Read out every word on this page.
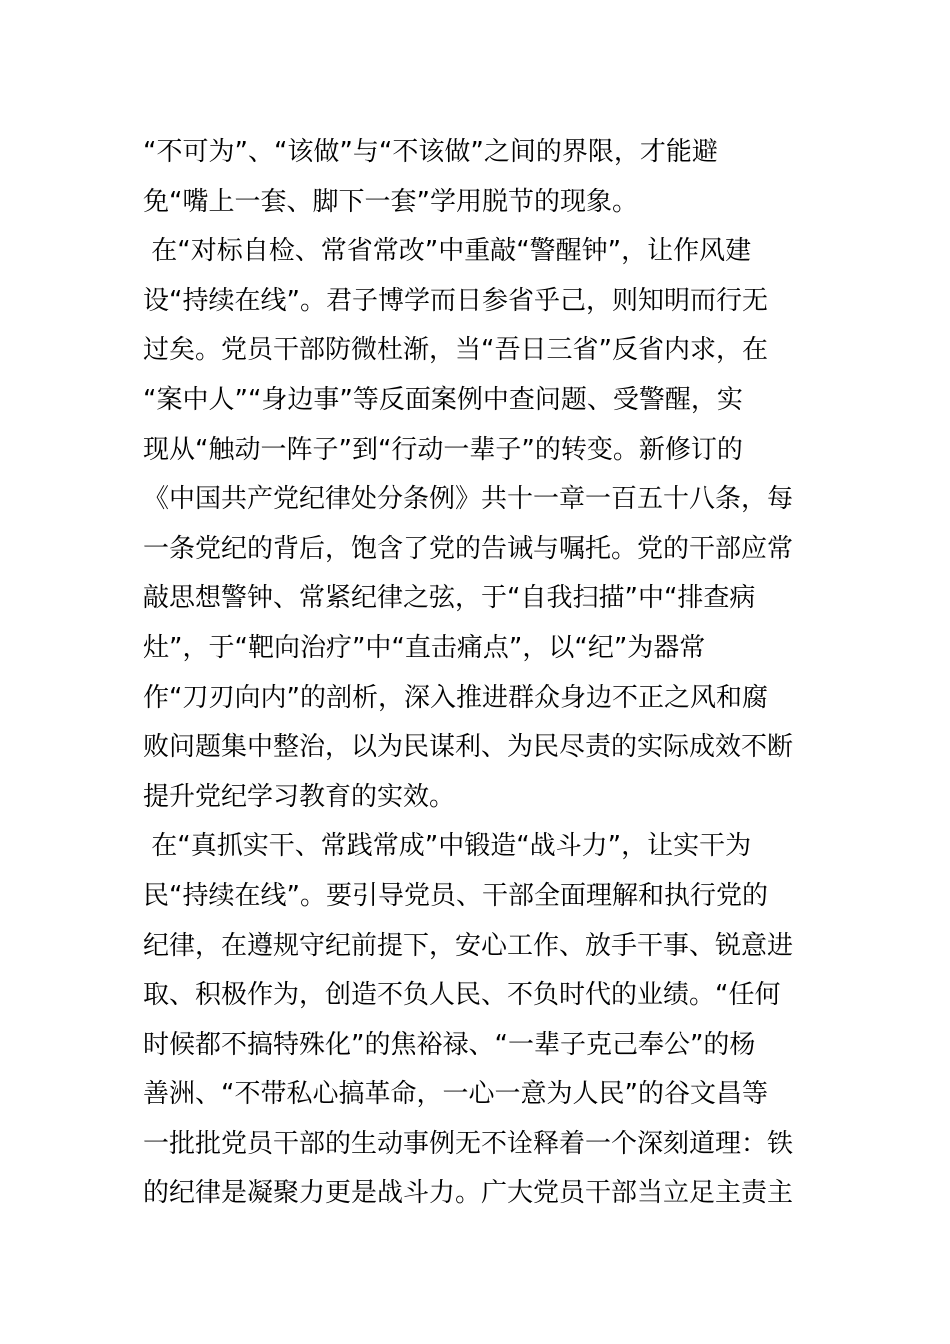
“不可为”、“该做”与“不该做”之间的界限，才能避
免“嘴上一套、脚下一套”学用脱节的现象。
在“对标自检、常省常改”中重敲“警醒钟”，让作风建
设“持续在线”。君子博学而日参省乎己，则知明而行无
过矣。党员干部防微杜渐，当“吾日三省”反省内求，在
“案中人”“身边事”等反面案例中查问题、受警醒，实
现从“触动一阵子”到“行动一辈子”的转变。新修订的
《中国共产党纪律处分条例》共十一章一百五十八条，每
一条党纪的背后，饱含了党的告诫与嘱托。党的干部应常
敲思想警钟、常紧纪律之弦，于“自我扫描”中“排查病
灶”，于“靶向治疗”中“直击痛点”，以“纪”为器常
作“刀刃向内”的剖析，深入推进群众身边不正之风和腐
败问题集中整治，以为民谋利、为民尽责的实际成效不断
提升党纪学习教育的实效。
在“真抓实干、常践常成”中锻造“战斗力”，让实干为
民“持续在线”。要引导党员、干部全面理解和执行党的
纪律，在遵规守纪前提下，安心工作、放手干事、锐意进
取、积极作为，创造不负人民、不负时代的业绩。“任何
时候都不搞特殊化”的焦裕禄、“一辈子克己奉公”的杨
善洲、“不带私心搞革命，一心一意为人民”的谷文昌等
一批批党员干部的生动事例无不诠释着一个深刻道理：铁
的纪律是凝聚力更是战斗力。广大党员干部当立足主责主
